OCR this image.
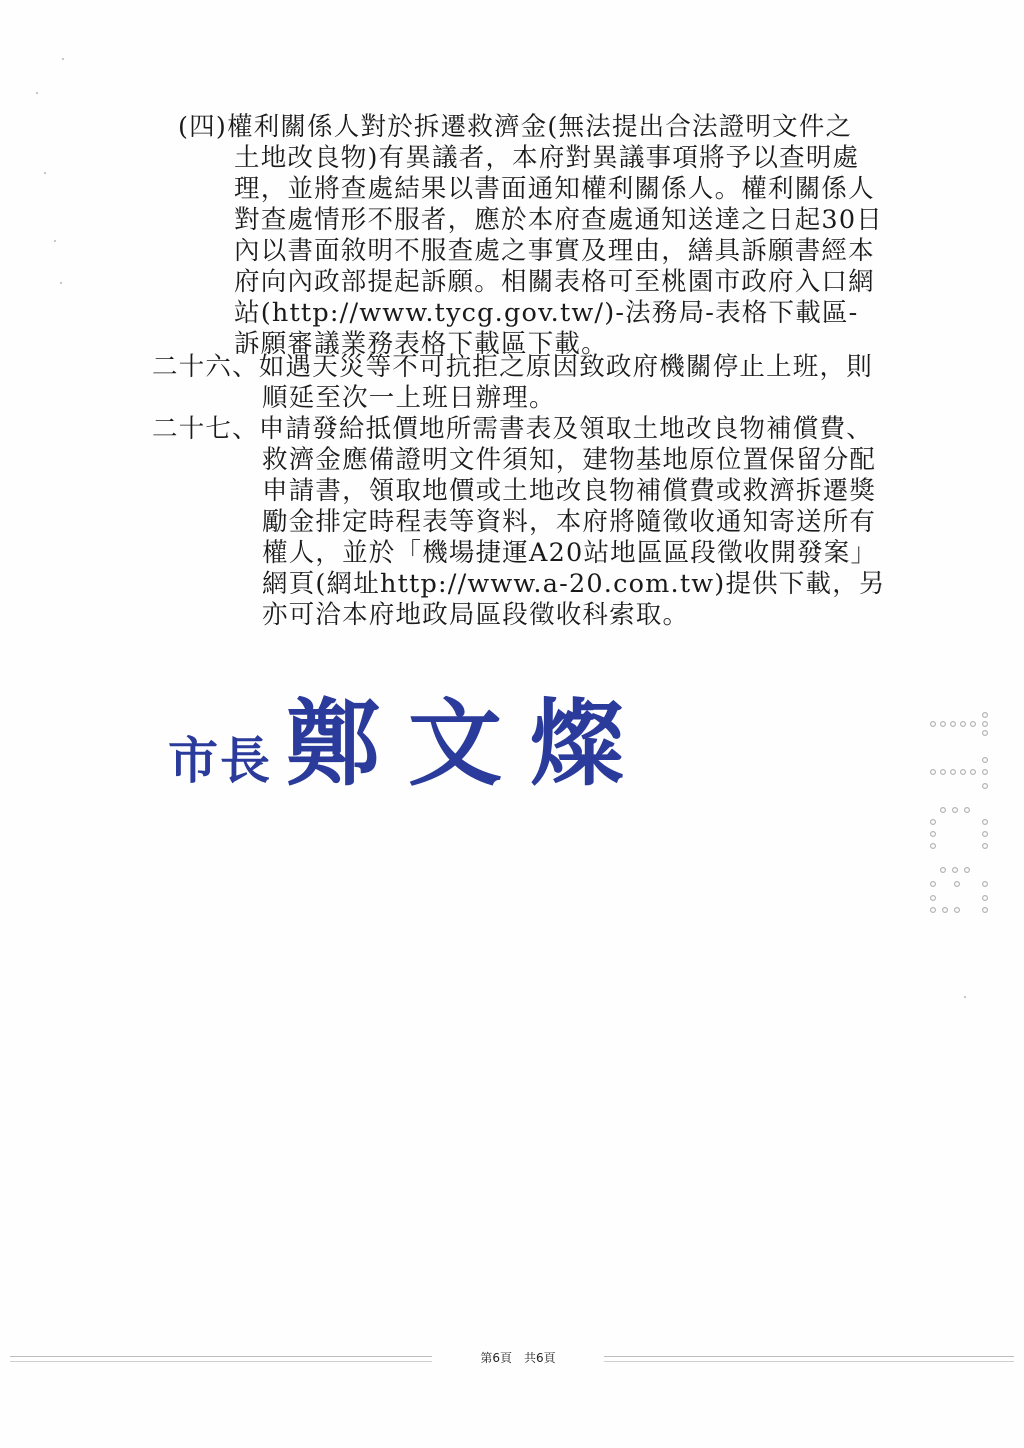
(四)權利關係人對於拆遷救濟金(無法提出合法證明文件之
土地改良物)有異議者，本府對異議事項將予以查明處
理，並將查處結果以書面通知權利關係人。權利關係人
對查處情形不服者，應於本府查處通知送達之日起30日
內以書面敘明不服查處之事實及理由，繕具訴願書經本
府向內政部提起訴願。相關表格可至桃園市政府入口網
站(http://www.tycg.gov.tw/)-法務局-表格下載區-
訴願審議業務表格下載區下載。
二十六、如遇天災等不可抗拒之原因致政府機關停止上班，則
順延至次一上班日辦理。
二十七、申請發給抵價地所需書表及領取土地改良物補償費、
救濟金應備證明文件須知，建物基地原位置保留分配
申請書，領取地價或土地改良物補償費或救濟拆遷獎
勵金排定時程表等資料，本府將隨徵收通知寄送所有
權人，並於「機場捷運A20站地區區段徵收開發案」
網頁(網址http://www.a-20.com.tw)提供下載，另
亦可洽本府地政局區段徵收科索取。
市長 鄭文燦
第6頁　共6頁
